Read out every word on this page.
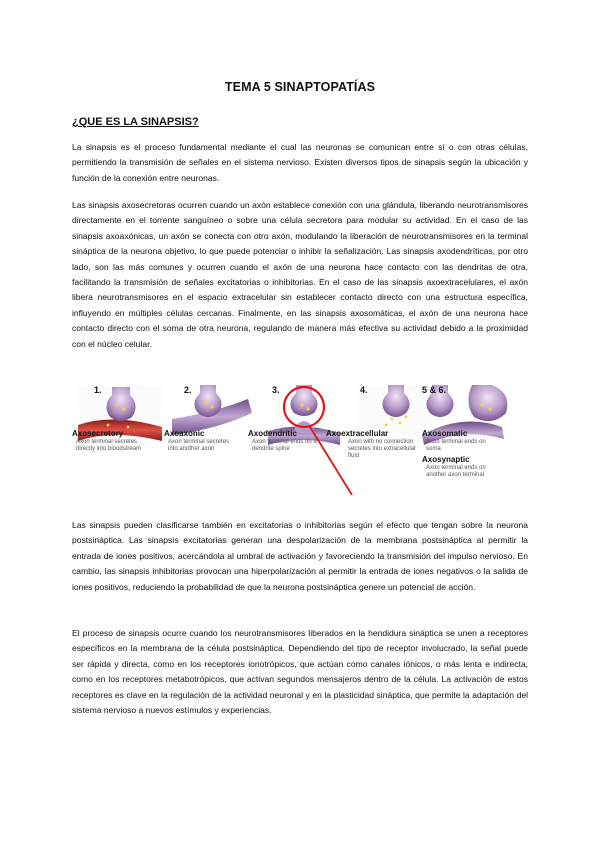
TEMA 5 SINAPTOPATÍAS
¿QUE ES LA SINAPSIS?

La sinapsis es el proceso fundamental mediante el cual las neuronas se comunican entre sí o con otras células, permitiendo la transmisión de señales en el sistema nervioso. Existen diversos tipos de sinapsis según la ubicación y función de la conexión entre neuronas.

Las sinapsis axosecretoras ocurren cuando un axón establece conexión con una glándula, liberando neurotransmisores directamente en el torrente sanguíneo o sobre una célula secretora para modular su actividad. En el caso de las sinapsis axoaxónicas, un axón se conecta con otro axón, modulando la liberación de neurotransmisores en la terminal sináptica de la neurona objetivo, lo que puede potenciar o inhibir la señalización. Las sinapsis axodendríticas, por otro lado, son las más comunes y ocurren cuando el axón de una neurona hace contacto con las dendritas de otra, facilitando la transmisión de señales excitatorias o inhibitorias. En el caso de las sinapsis axoextracelulares, el axón libera neurotransmisores en el espacio extracelular sin establecer contacto directo con una estructura específica, influyendo en múltiples células cercanas. Finalmente, en las sinapsis axosomáticas, el axón de una neurona hace contacto directo con el soma de otra neurona, regulando de manera más efectiva su actividad debido a la proximidad con el núcleo celular.

1.	2.	3.	4.	5 & 6.
Axosecretory
Axon terminal secretes directly into bloodstream
Axoaxonic
Axon terminal secretes into another axon
Axodendritic
Axon terminal ends on a dendrite spine
Axoextracellular
Axon with no connection secretes into extracellular fluid
Axosomatic
Axon terminal ends on soma
Axosynaptic
Axon terminal ends on another axon terminal

Las sinapsis pueden clasificarse también en excitatorias o inhibitorias según el efecto que tengan sobre la neurona postsináptica. Las sinapsis excitatorias generan una despolarización de la membrana postsináptica al permitir la entrada de iones positivos, acercándola al umbral de activación y favoreciendo la transmisión del impulso nervioso. En cambio, las sinapsis inhibitorias provocan una hiperpolarización al permitir la entrada de iones negativos o la salida de iones positivos, reduciendo la probabilidad de que la neurona postsináptica genere un potencial de acción.

El proceso de sinapsis ocurre cuando los neurotransmisores liberados en la hendidura sináptica se unen a receptores específicos en la membrana de la célula postsináptica. Dependiendo del tipo de receptor involucrado, la señal puede ser rápida y directa, como en los receptores ionotrópicos, que actúan como canales iónicos, o más lenta e indirecta, como en los receptores metabotrópicos, que activan segundos mensajeros dentro de la célula. La activación de estos receptores es clave en la regulación de la actividad neuronal y en la plasticidad sináptica, que permite la adaptación del sistema nervioso a nuevos estímulos y experiencias.
